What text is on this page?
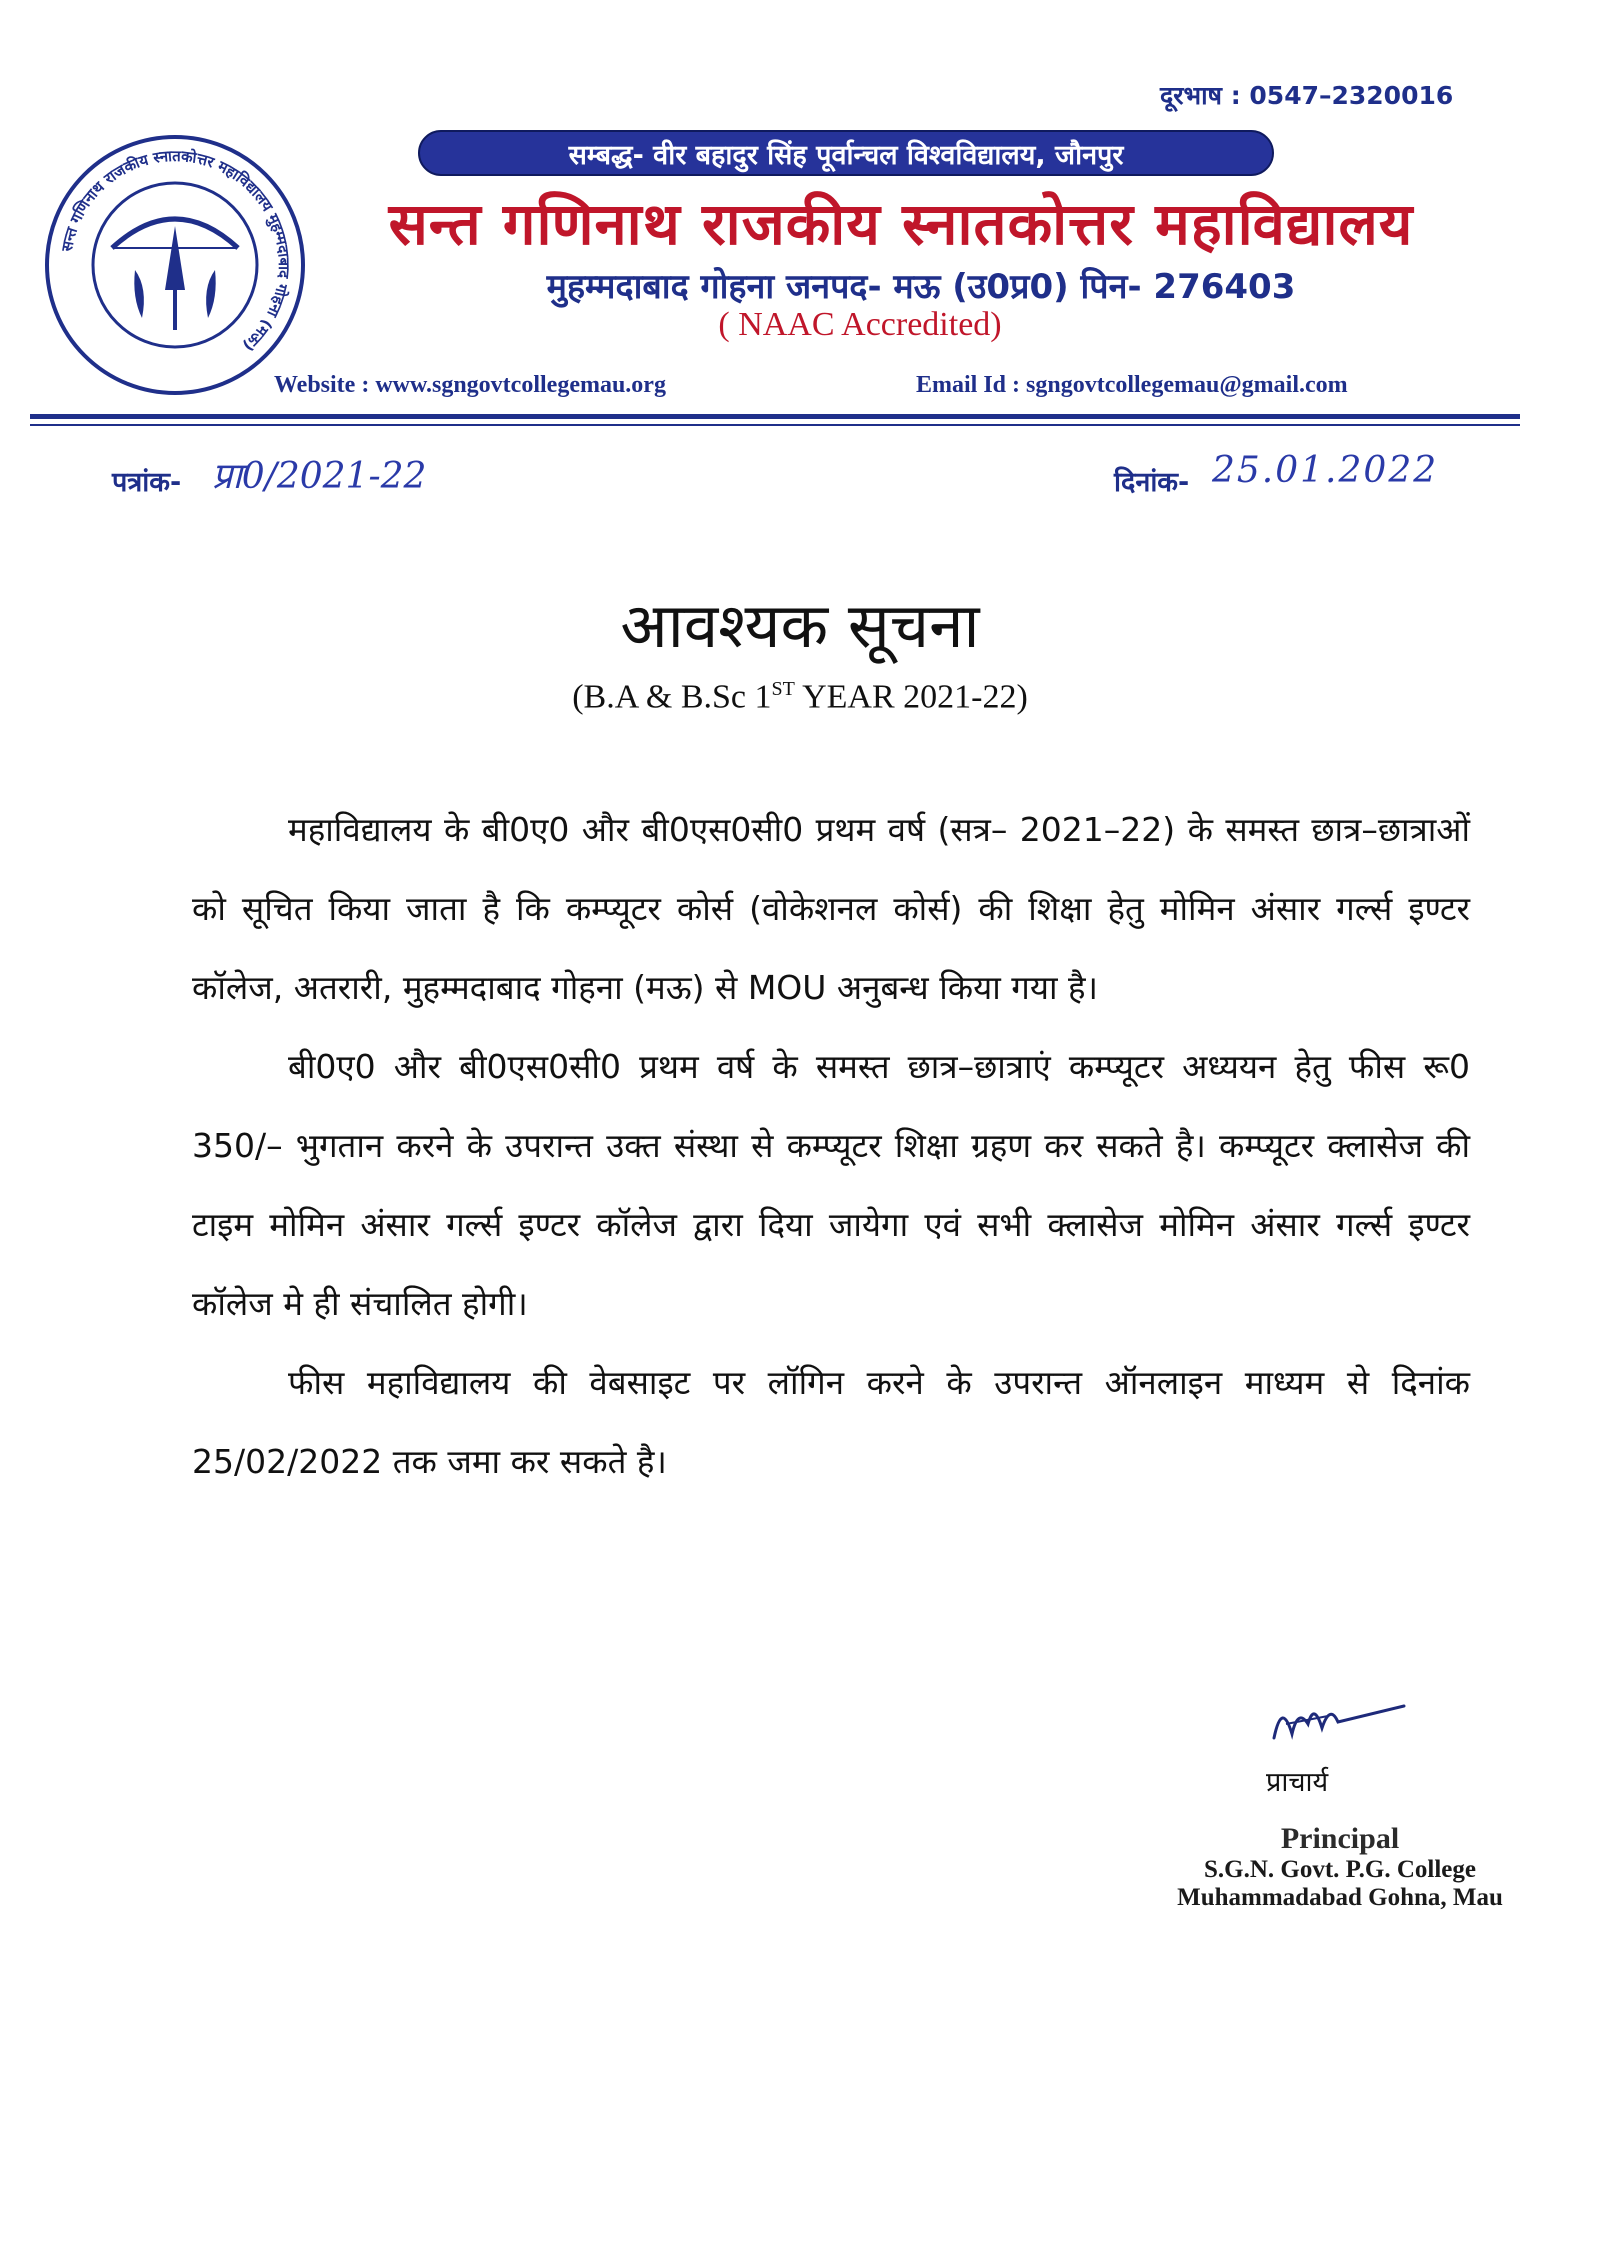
दूरभाष : 0547–2320016
सन्त गणिनाथ राजकीय स्नातकोत्तर महाविद्यालय मुहम्मदाबाद गोहना (मऊ)
सम्बद्ध- वीर बहादुर सिंह पूर्वान्चल विश्वविद्यालय, जौनपुर
सन्त गणिनाथ राजकीय स्नातकोत्तर महाविद्यालय
मुहम्मदाबाद गोहना जनपद- मऊ (उ0प्र0) पिन- 276403
( NAAC Accredited)
Website : www.sgngovtcollegemau.org	Email Id : sgngovtcollegemau@gmail.com
पत्रांक- प्रा0/2021-22	दिनांक- 25.01.2022
आवश्यक सूचना
(B.A & B.Sc 1ST YEAR 2021-22)

महाविद्यालय के बी0ए0 और बी0एस0सी0 प्रथम वर्ष (सत्र– 2021–22) के समस्त छात्र–छात्राओं को सूचित किया जाता है कि कम्प्यूटर कोर्स (वोकेशनल कोर्स) की शिक्षा हेतु मोमिन अंसार गर्ल्स इण्टर कॉलेज, अतरारी, मुहम्मदाबाद गोहना (मऊ) से MOU अनुबन्ध किया गया है।

बी0ए0 और बी0एस0सी0 प्रथम वर्ष के समस्त छात्र–छात्राएं कम्प्यूटर अध्ययन हेतु फीस रू0 350/– भुगतान करने के उपरान्त उक्त संस्था से कम्प्यूटर शिक्षा ग्रहण कर सकते है। कम्प्यूटर क्लासेज की टाइम मोमिन अंसार गर्ल्स इण्टर कॉलेज द्वारा दिया जायेगा एवं सभी क्लासेज मोमिन अंसार गर्ल्स इण्टर कॉलेज मे ही संचालित होगी।

फीस महाविद्यालय की वेबसाइट पर लॉगिन करने के उपरान्त ऑनलाइन माध्यम से दिनांक 25/02/2022 तक जमा कर सकते है।

प्राचार्य
Principal
S.G.N. Govt. P.G. College
Muhammadabad Gohna, Mau
